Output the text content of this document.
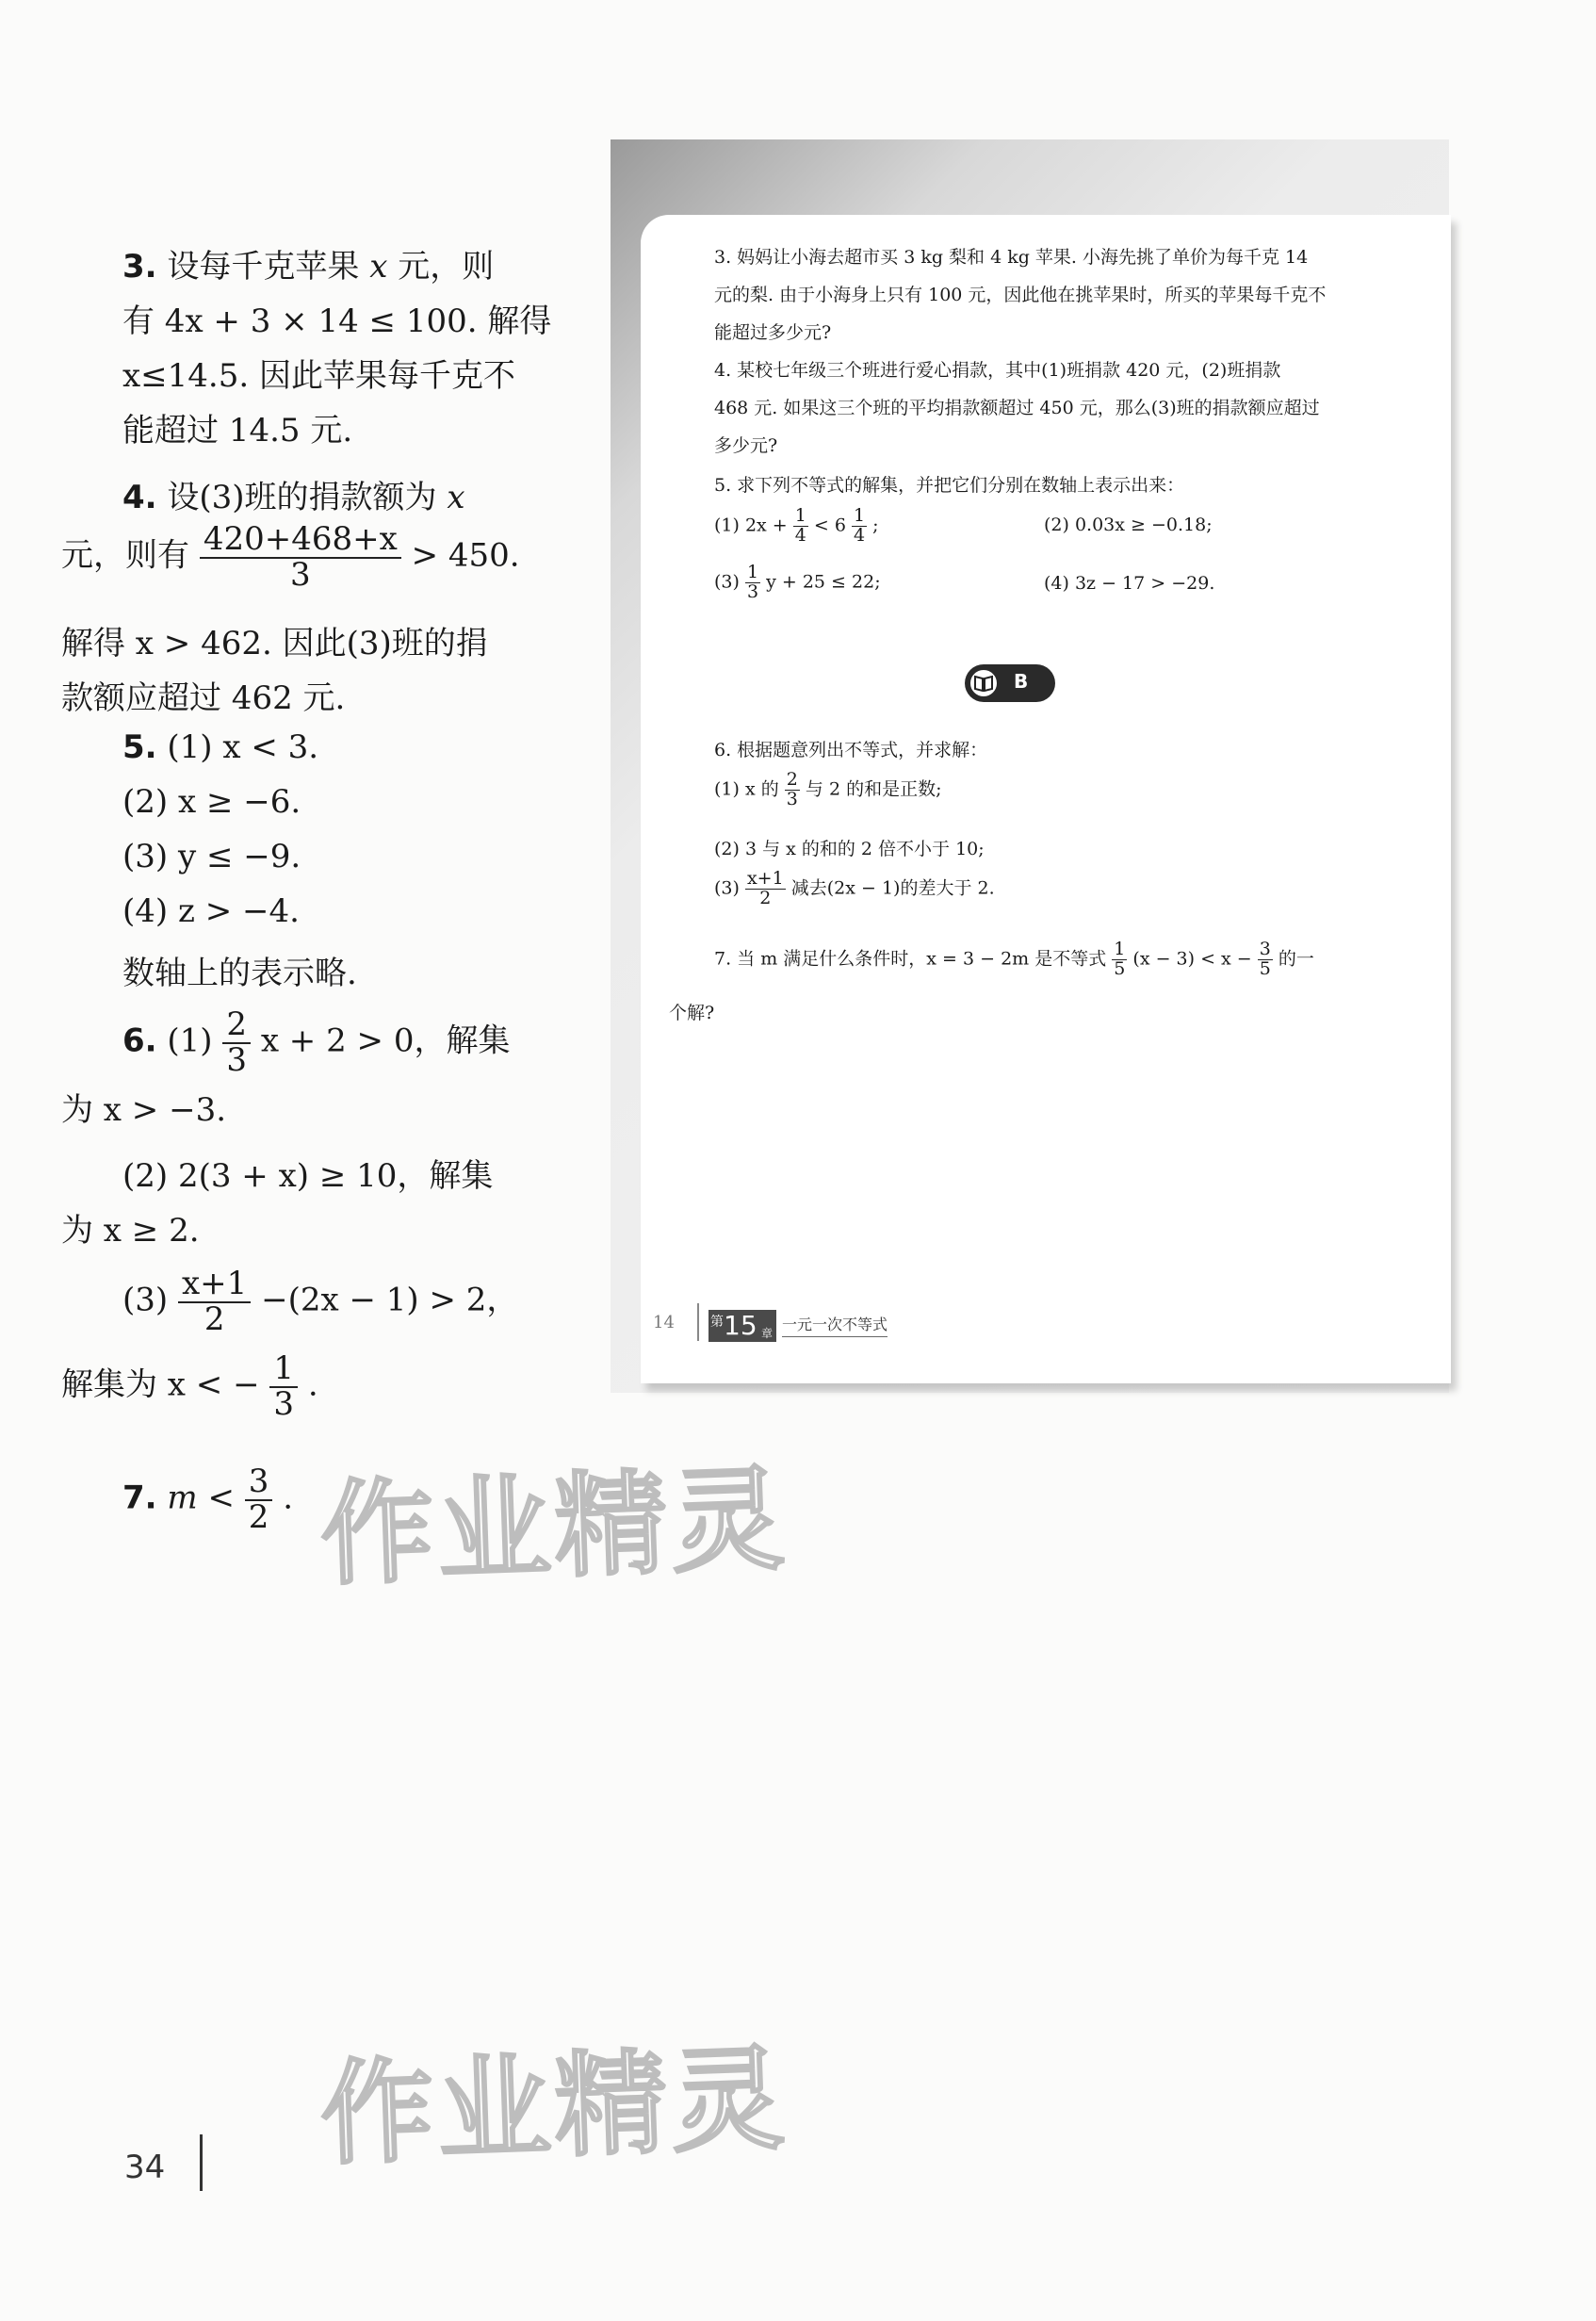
3. 设每千克苹果 x 元，则
有 4x + 3 × 14 ≤ 100. 解得
x≤14.5. 因此苹果每千克不
能超过 14.5 元.
4. 设(3)班的捐款额为 x
元，则有 $\frac{420+468+x}{3} > 450$.
解得 x > 462. 因此(3)班的捐
款额应超过 462 元.
5. (1) x < 3.
(2) x ≥ −6.
(3) y ≤ −9.
(4) z > −4.
数轴上的表示略.
6. $(1) \frac{2}{3}$ x + 2 > 0，解集
为 x > −3.
(2) 2(3 + x) ≥ 10，解集
为 x ≥ 2.
$(3) \frac{x+1}{2} -(2x - 1) > 2$，
解集为 x < − $\frac{1}{3}$ .
7. $m < \frac{3}{2}$ .
3. 妈妈让小海去超市买 3 kg 梨和 4 kg 苹果. 小海先挑了单价为每千克 14
元的梨. 由于小海身上只有 100 元，因此他在挑苹果时，所买的苹果每千克不
能超过多少元?
4. 某校七年级三个班进行爱心捐款，其中(1)班捐款 420 元，(2)班捐款
468 元. 如果这三个班的平均捐款额超过 450 元，那么(3)班的捐款额应超过
多少元?
5. 求下列不等式的解集，并把它们分别在数轴上表示出来：
(1) $2x + \frac{1}{4} < 6 \frac{1}{4}$ ;	(2) 0.03x ≥ −0.18;
$(3) \frac{1}{3}$ y + 25 ≤ 22;	(4) 3z − 17 > −29.
6. 根据题意列出不等式，并求解：
(1) x 的 $\frac{2}{3}$ 与 2 的和是正数;
(2) 3 与 x 的和的 2 倍不小于 10;
$(3) \frac{x+1}{2}$ 减去(2x − 1)的差大于 2.
7. 当 m 满足什么条件时，x = 3 − 2m 是不等式 $\frac{1}{5} (x - 3) < x - \frac{3}{5}$ 的一
个解?
14	一元一次不等式
第 15 章
B
作业精灵
作业精灵
34
